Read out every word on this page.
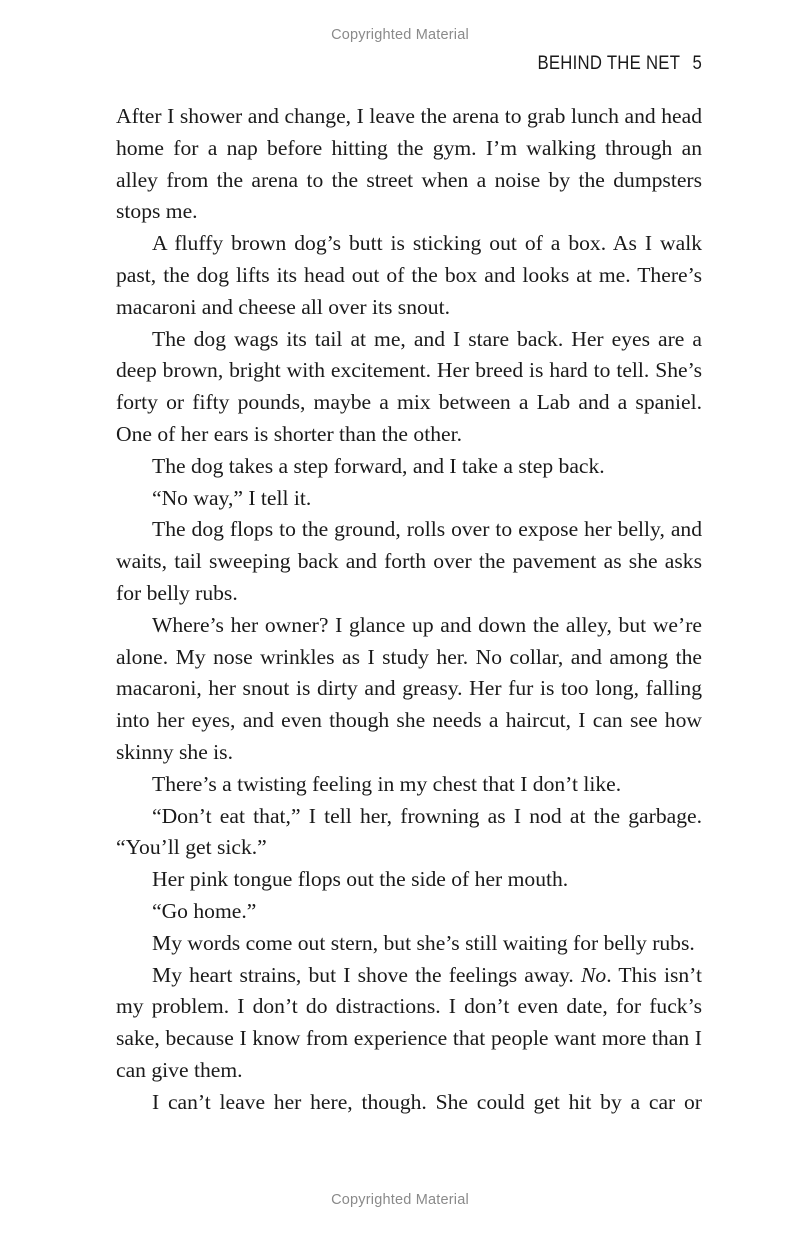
Copyrighted Material
BEHIND THE NET 5

After I shower and change, I leave the arena to grab lunch and head home for a nap before hitting the gym. I’m walking through an alley from the arena to the street when a noise by the dumpsters stops me.

A fluffy brown dog’s butt is sticking out of a box. As I walk past, the dog lifts its head out of the box and looks at me. There’s macaroni and cheese all over its snout.

The dog wags its tail at me, and I stare back. Her eyes are a deep brown, bright with excitement. Her breed is hard to tell. She’s forty or fifty pounds, maybe a mix between a Lab and a spaniel. One of her ears is shorter than the other.

The dog takes a step forward, and I take a step back.

“No way,” I tell it.

The dog flops to the ground, rolls over to expose her belly, and waits, tail sweeping back and forth over the pavement as she asks for belly rubs.

Where’s her owner? I glance up and down the alley, but we’re alone. My nose wrinkles as I study her. No collar, and among the macaroni, her snout is dirty and greasy. Her fur is too long, falling into her eyes, and even though she needs a haircut, I can see how skinny she is.

There’s a twisting feeling in my chest that I don’t like.

“Don’t eat that,” I tell her, frowning as I nod at the garbage. “You’ll get sick.”

Her pink tongue flops out the side of her mouth.

“Go home.”

My words come out stern, but she’s still waiting for belly rubs.

My heart strains, but I shove the feelings away. No. This isn’t my problem. I don’t do distractions. I don’t even date, for fuck’s sake, because I know from experience that people want more than I can give them.

I can’t leave her here, though. She could get hit by a car or

Copyrighted Material
